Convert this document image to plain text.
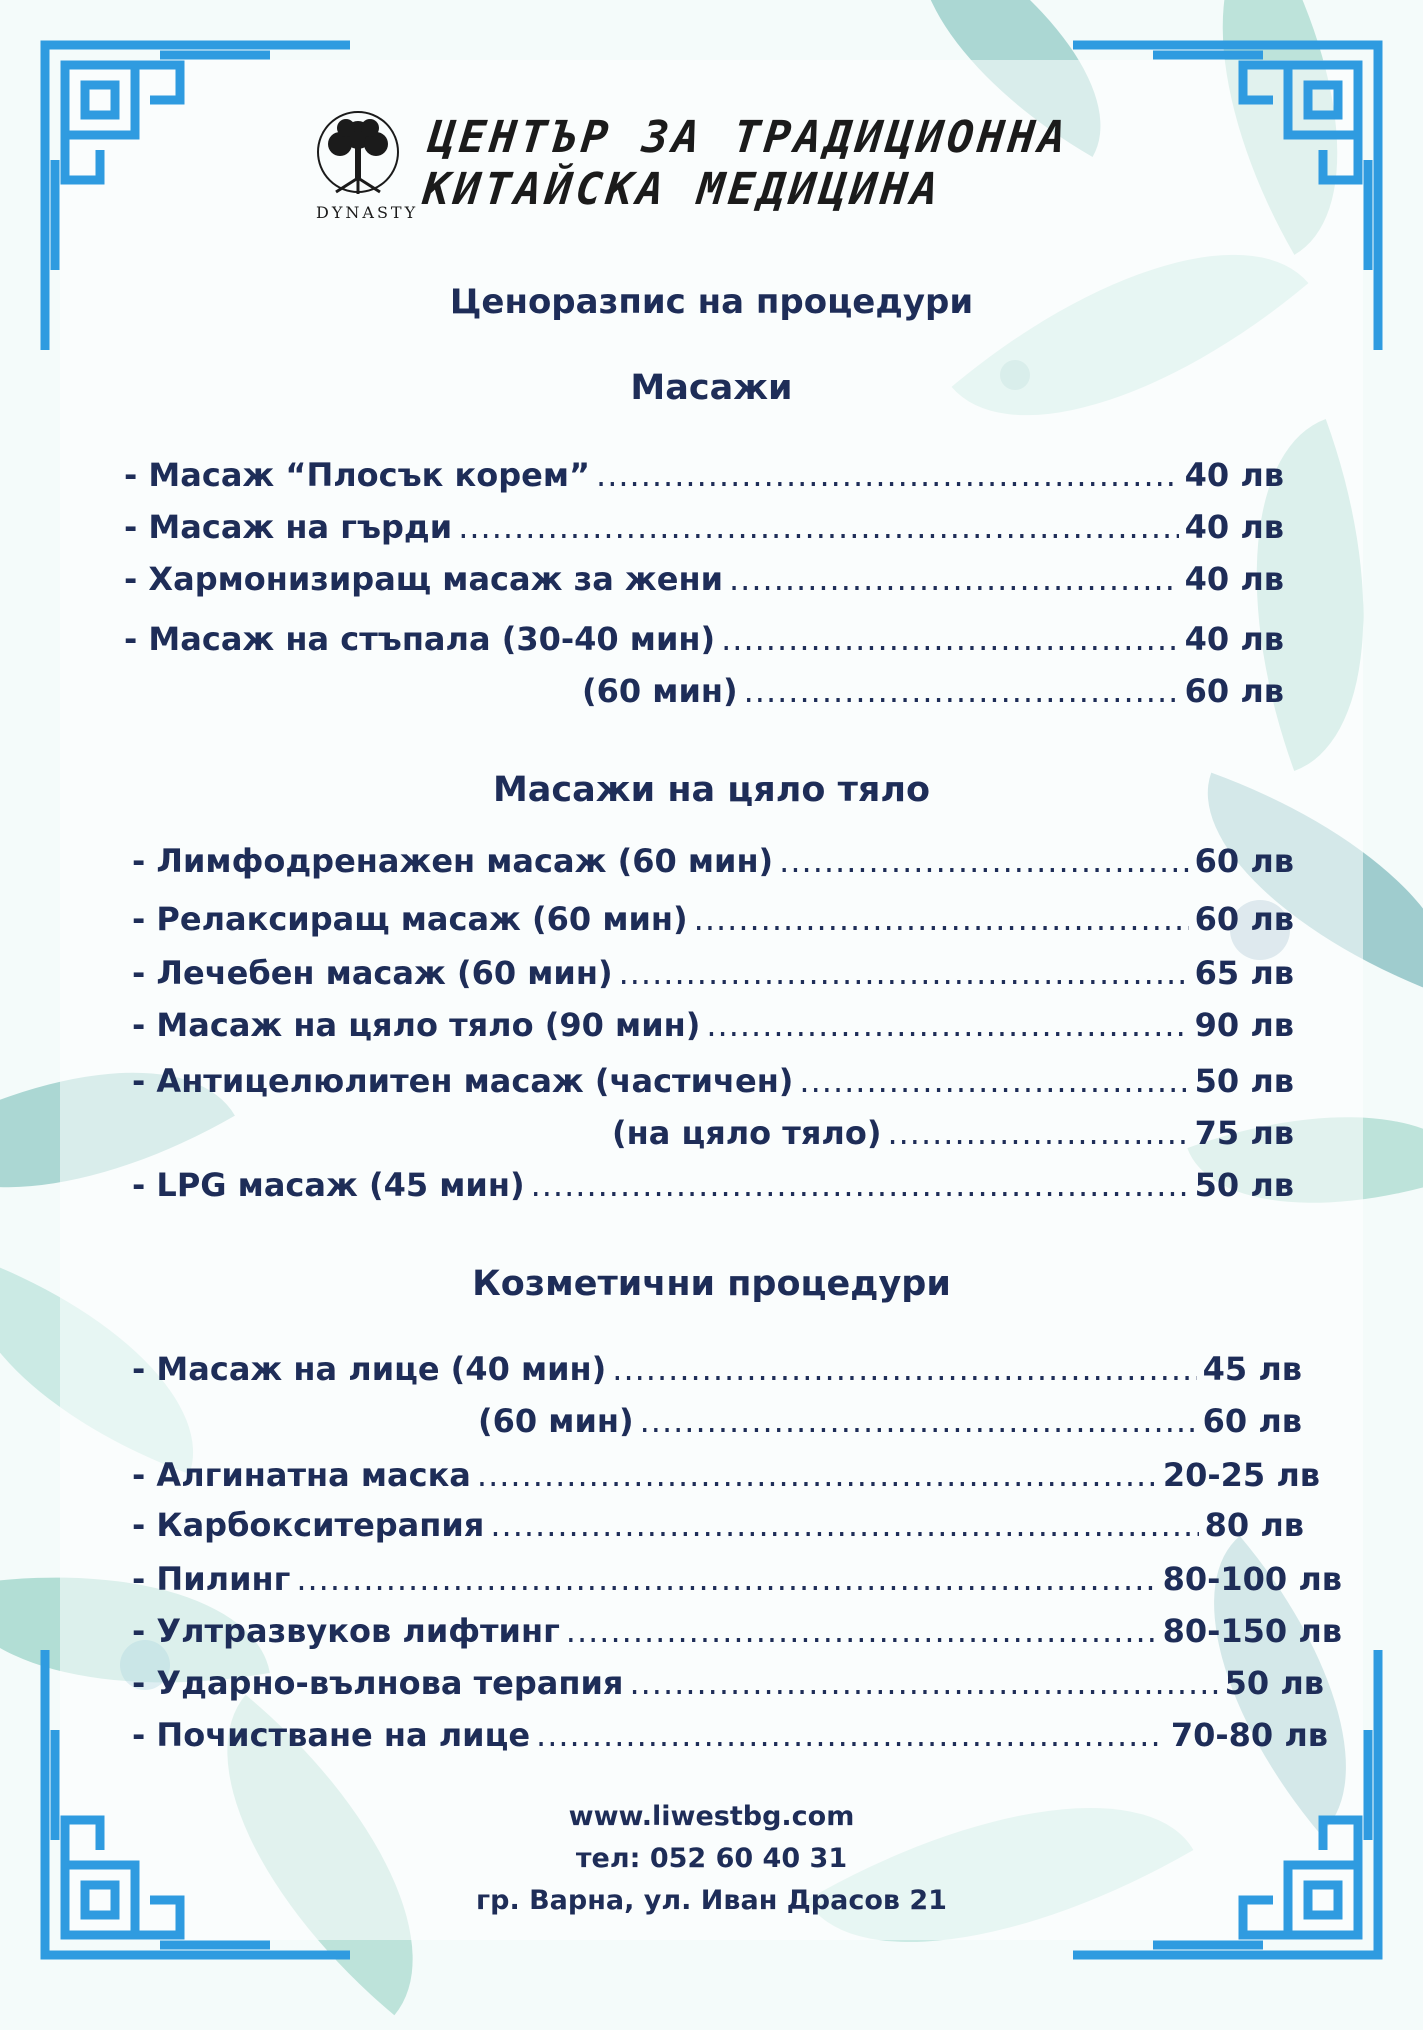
DYNASTY
ЦЕНТЪР ЗА ТРАДИЦИОННА
КИТАЙСКА МЕДИЦИНА
Ценоразпис на процедури
Масажи
- Масаж “Плосък корем” .....	40 лв
- Масаж на гърди .....	40 лв
- Хармонизиращ масаж за жени .....	40 лв
- Масаж на стъпала (30-40 мин) .....	40 лв
(60 мин) .....	60 лв
Масажи на цяло тяло
- Лимфодренажен масаж (60 мин) .....	60 лв
- Релаксиращ масаж (60 мин) .....	60 лв
- Лечебен масаж (60 мин) .....	65 лв
- Масаж на цяло тяло (90 мин) .....	90 лв
- Антицелюлитен масаж (частичен) .....	50 лв
(на цяло тяло) .....	75 лв
- LPG масаж (45 мин) .....	50 лв
Козметични процедури
- Масаж на лице (40 мин) .....	45 лв
(60 мин) .....	60 лв
- Алгинатна маска .....	20-25 лв
- Карбокситерапия .....	80 лв
- Пилинг .....	80-100 лв
- Ултразвуков лифтинг .....	80-150 лв
- Ударно-вълнова терапия .....	50 лв
- Почистване на лице .....	70-80 лв
www.liwestbg.com
тел: 052 60 40 31
гр. Варна, ул. Иван Драсов 21
